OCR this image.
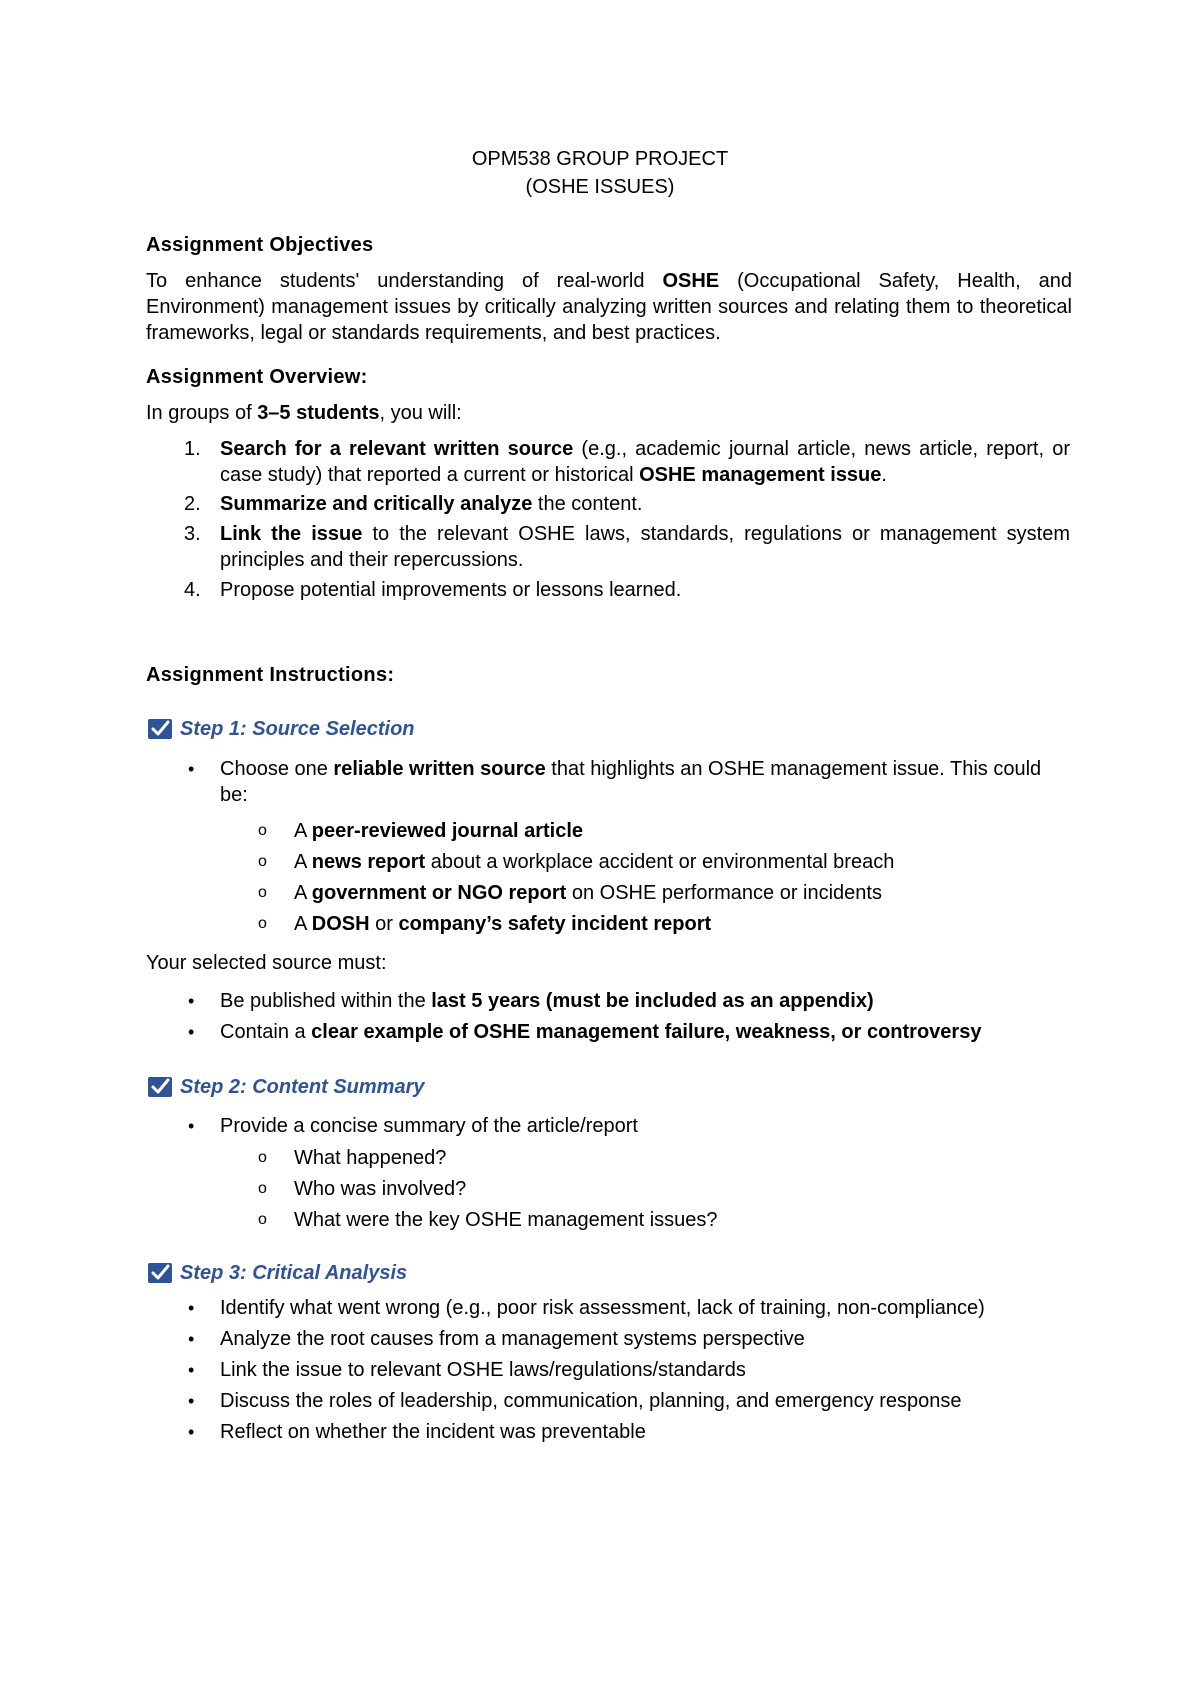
OPM538 GROUP PROJECT
(OSHE ISSUES)
Assignment Objectives
To enhance students' understanding of real-world OSHE (Occupational Safety, Health, and Environment) management issues by critically analyzing written sources and relating them to theoretical frameworks, legal or standards requirements, and best practices.
Assignment Overview:
In groups of 3–5 students, you will:
1. Search for a relevant written source (e.g., academic journal article, news article, report, or case study) that reported a current or historical OSHE management issue.
2. Summarize and critically analyze the content.
3. Link the issue to the relevant OSHE laws, standards, regulations or management system principles and their repercussions.
4. Propose potential improvements or lessons learned.
Assignment Instructions:
Step 1: Source Selection
• Choose one reliable written source that highlights an OSHE management issue. This could be:
o A peer-reviewed journal article
o A news report about a workplace accident or environmental breach
o A government or NGO report on OSHE performance or incidents
o A DOSH or company’s safety incident report
Your selected source must:
• Be published within the last 5 years (must be included as an appendix)
• Contain a clear example of OSHE management failure, weakness, or controversy
Step 2: Content Summary
• Provide a concise summary of the article/report
o What happened?
o Who was involved?
o What were the key OSHE management issues?
Step 3: Critical Analysis
• Identify what went wrong (e.g., poor risk assessment, lack of training, non-compliance)
• Analyze the root causes from a management systems perspective
• Link the issue to relevant OSHE laws/regulations/standards
• Discuss the roles of leadership, communication, planning, and emergency response
• Reflect on whether the incident was preventable
